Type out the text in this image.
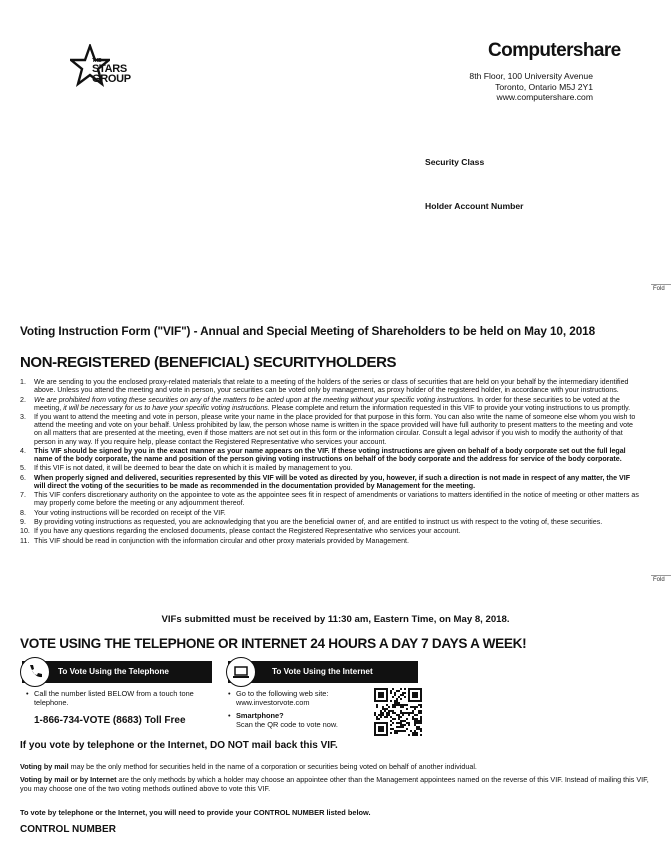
THE
STARS
GROUP
Computershare
8th Floor, 100 University Avenue
Toronto, Ontario M5J 2Y1
www.computershare.com
Security Class
Holder Account Number
Fold
Fold
Voting Instruction Form ("VIF") - Annual and Special Meeting of Shareholders to be held on May 10, 2018
NON-REGISTERED (BENEFICIAL) SECURITYHOLDERS
1. We are sending to you the enclosed proxy-related materials that relate to a meeting of the holders of the series or class of securities that are held on your behalf by the intermediary identified above. Unless you attend the meeting and vote in person, your securities can be voted only by management, as proxy holder of the registered holder, in accordance with your instructions.
2. We are prohibited from voting these securities on any of the matters to be acted upon at the meeting without your specific voting instructions. In order for these securities to be voted at the meeting, it will be necessary for us to have your specific voting instructions. Please complete and return the information requested in this VIF to provide your voting instructions to us promptly.
3. If you want to attend the meeting and vote in person, please write your name in the place provided for that purpose in this form. You can also write the name of someone else whom you wish to attend the meeting and vote on your behalf. Unless prohibited by law, the person whose name is written in the space provided will have full authority to present matters to the meeting and vote on all matters that are presented at the meeting, even if those matters are not set out in this form or the information circular. Consult a legal advisor if you wish to modify the authority of that person in any way. If you require help, please contact the Registered Representative who services your account.
4. This VIF should be signed by you in the exact manner as your name appears on the VIF. If these voting instructions are given on behalf of a body corporate set out the full legal name of the body corporate, the name and position of the person giving voting instructions on behalf of the body corporate and the address for service of the body corporate.
5. If this VIF is not dated, it will be deemed to bear the date on which it is mailed by management to you.
6. When properly signed and delivered, securities represented by this VIF will be voted as directed by you, however, if such a direction is not made in respect of any matter, the VIF will direct the voting of the securities to be made as recommended in the documentation provided by Management for the meeting.
7. This VIF confers discretionary authority on the appointee to vote as the appointee sees fit in respect of amendments or variations to matters identified in the notice of meeting or other matters as may properly come before the meeting or any adjournment thereof.
8. Your voting instructions will be recorded on receipt of the VIF.
9. By providing voting instructions as requested, you are acknowledging that you are the beneficial owner of, and are entitled to instruct us with respect to the voting of, these securities.
10. If you have any questions regarding the enclosed documents, please contact the Registered Representative who services your account.
11. This VIF should be read in conjunction with the information circular and other proxy materials provided by Management.
VIFs submitted must be received by 11:30 am, Eastern Time, on May 8, 2018.
VOTE USING THE TELEPHONE OR INTERNET 24 HOURS A DAY 7 DAYS A WEEK!
To Vote Using the Telephone	To Vote Using the Internet
• Call the number listed BELOW from a touch tone telephone.
1-866-734-VOTE (8683) Toll Free
• Go to the following web site:
www.investorvote.com
• Smartphone?
Scan the QR code to vote now.
If you vote by telephone or the Internet, DO NOT mail back this VIF.
Voting by mail may be the only method for securities held in the name of a corporation or securities being voted on behalf of another individual.
Voting by mail or by Internet are the only methods by which a holder may choose an appointee other than the Management appointees named on the reverse of this VIF. Instead of mailing this VIF, you may choose one of the two voting methods outlined above to vote this VIF.
To vote by telephone or the Internet, you will need to provide your CONTROL NUMBER listed below.
CONTROL NUMBER
